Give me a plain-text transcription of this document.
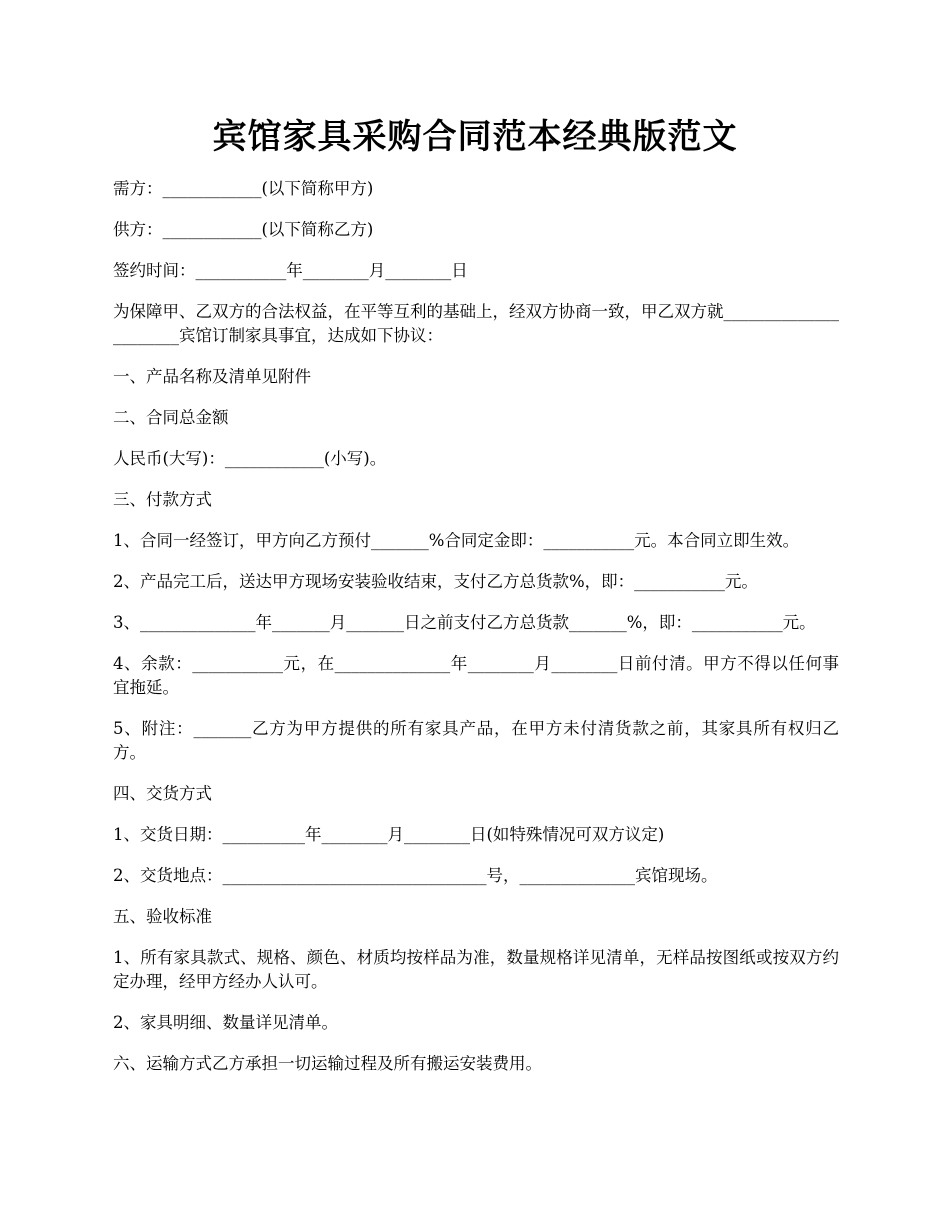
宾馆家具采购合同范本经典版范文

需方：____________(以下简称甲方)

供方：____________(以下简称乙方)

签约时间：___________年________月________日

为保障甲、乙双方的合法权益，在平等互利的基础上，经双方协商一致，甲乙双方就______________________宾馆订制家具事宜，达成如下协议：

一、产品名称及清单见附件

二、合同总金额

人民币(大写)：____________(小写)。

三、付款方式

1、合同一经签订，甲方向乙方预付_______%合同定金即：___________元。本合同立即生效。

2、产品完工后，送达甲方现场安装验收结束，支付乙方总货款%，即：___________元。

3、______________年_______月_______日之前支付乙方总货款_______%，即：___________元。

4、余款：___________元，在______________年________月________日前付清。甲方不得以任何事宜拖延。

5、附注：_______乙方为甲方提供的所有家具产品，在甲方未付清货款之前，其家具所有权归乙方。

四、交货方式

1、交货日期：__________年________月________日(如特殊情况可双方议定)

2、交货地点：________________________________号，______________宾馆现场。

五、验收标准

1、所有家具款式、规格、颜色、材质均按样品为准，数量规格详见清单，无样品按图纸或按双方约定办理，经甲方经办人认可。

2、家具明细、数量详见清单。

六、运输方式乙方承担一切运输过程及所有搬运安装费用。
